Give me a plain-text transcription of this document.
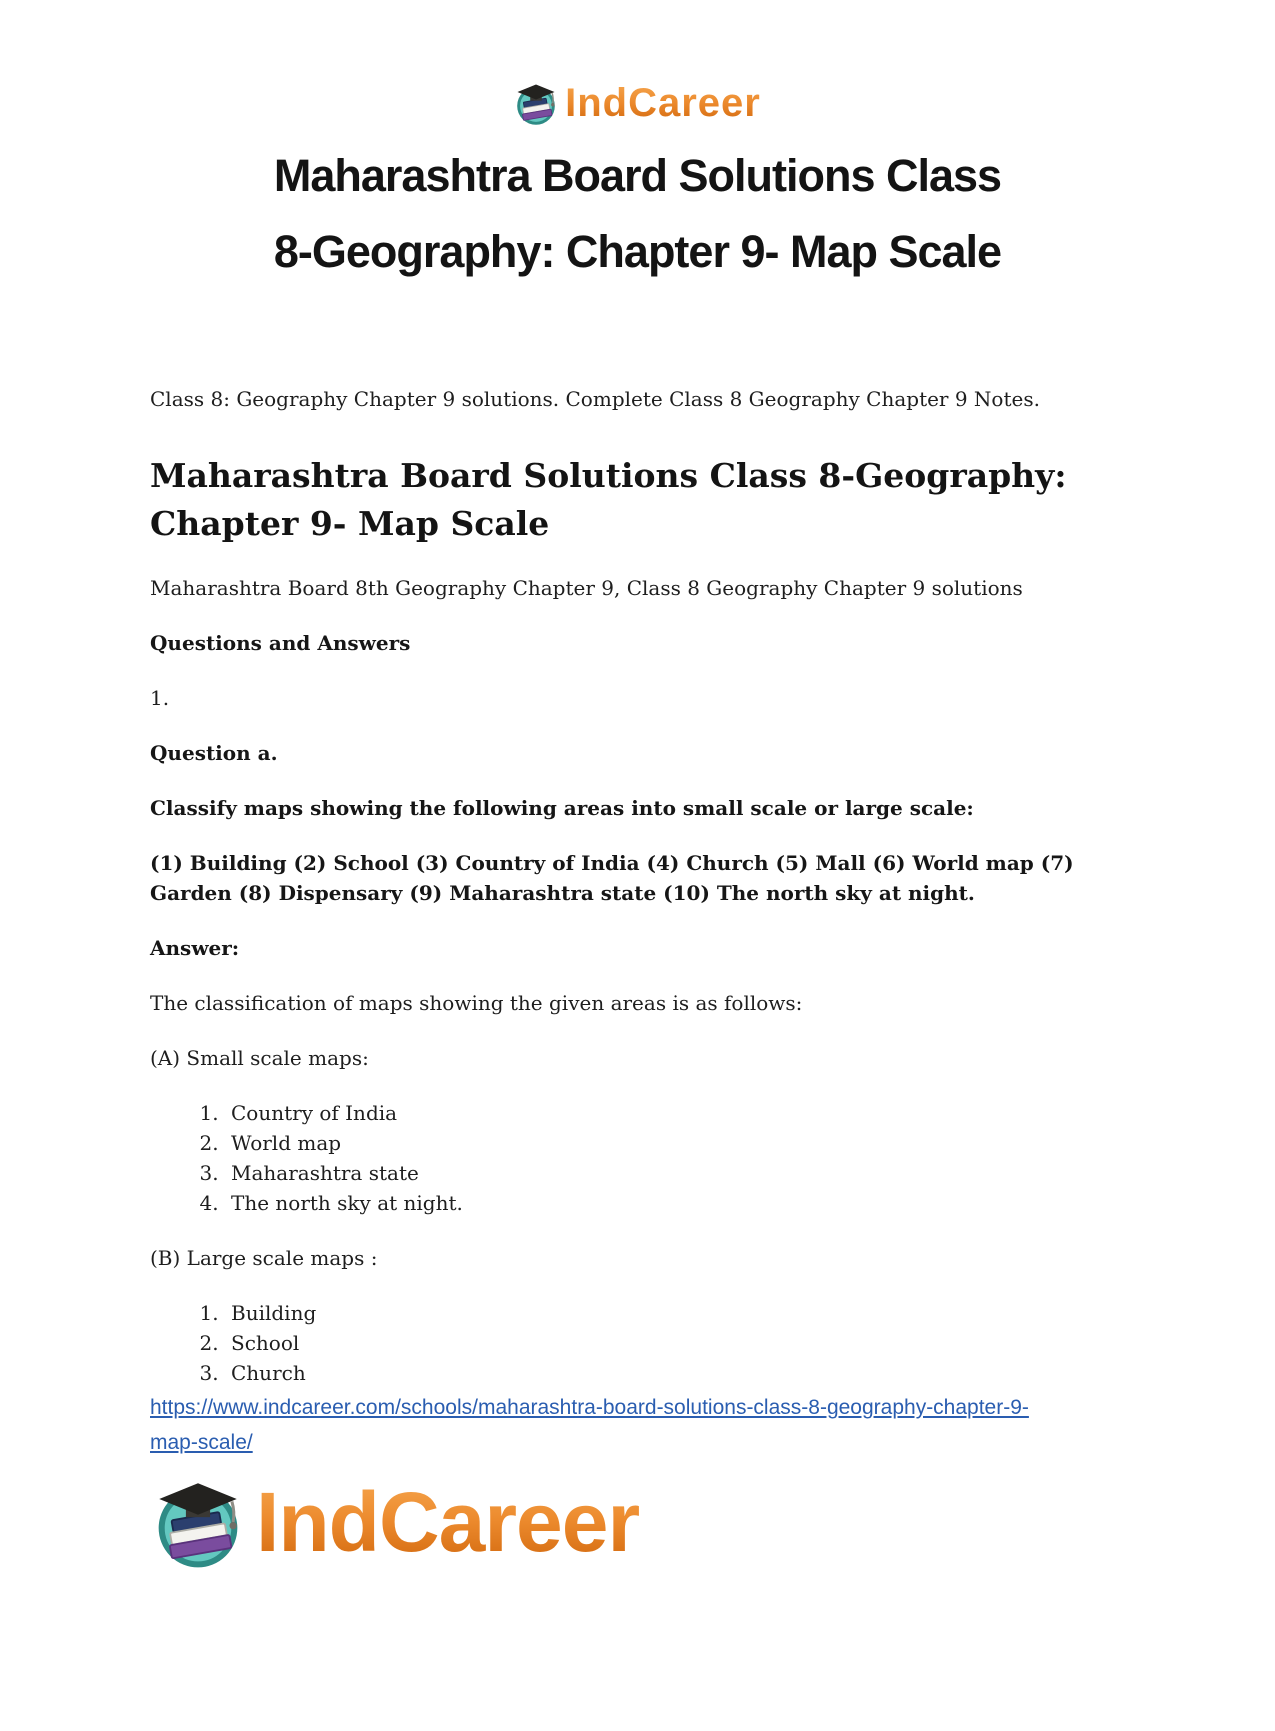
IndCareer
Maharashtra Board Solutions Class
8-Geography: Chapter 9- Map Scale

Class 8: Geography Chapter 9 solutions. Complete Class 8 Geography Chapter 9 Notes.

Maharashtra Board Solutions Class 8-Geography:
Chapter 9- Map Scale

Maharashtra Board 8th Geography Chapter 9, Class 8 Geography Chapter 9 solutions

Questions and Answers

1.

Question a.

Classify maps showing the following areas into small scale or large scale:

(1) Building (2) School (3) Country of India (4) Church (5) Mall (6) World map (7)
Garden (8) Dispensary (9) Maharashtra state (10) The north sky at night.

Answer:

The classification of maps showing the given areas is as follows:

(A) Small scale maps:

1. Country of India
2. World map
3. Maharashtra state
4. The north sky at night.

(B) Large scale maps :

1. Building
2. School
3. Church
https://www.indcareer.com/schools/maharashtra-board-solutions-class-8-geography-chapter-9-
map-scale/
IndCareer
